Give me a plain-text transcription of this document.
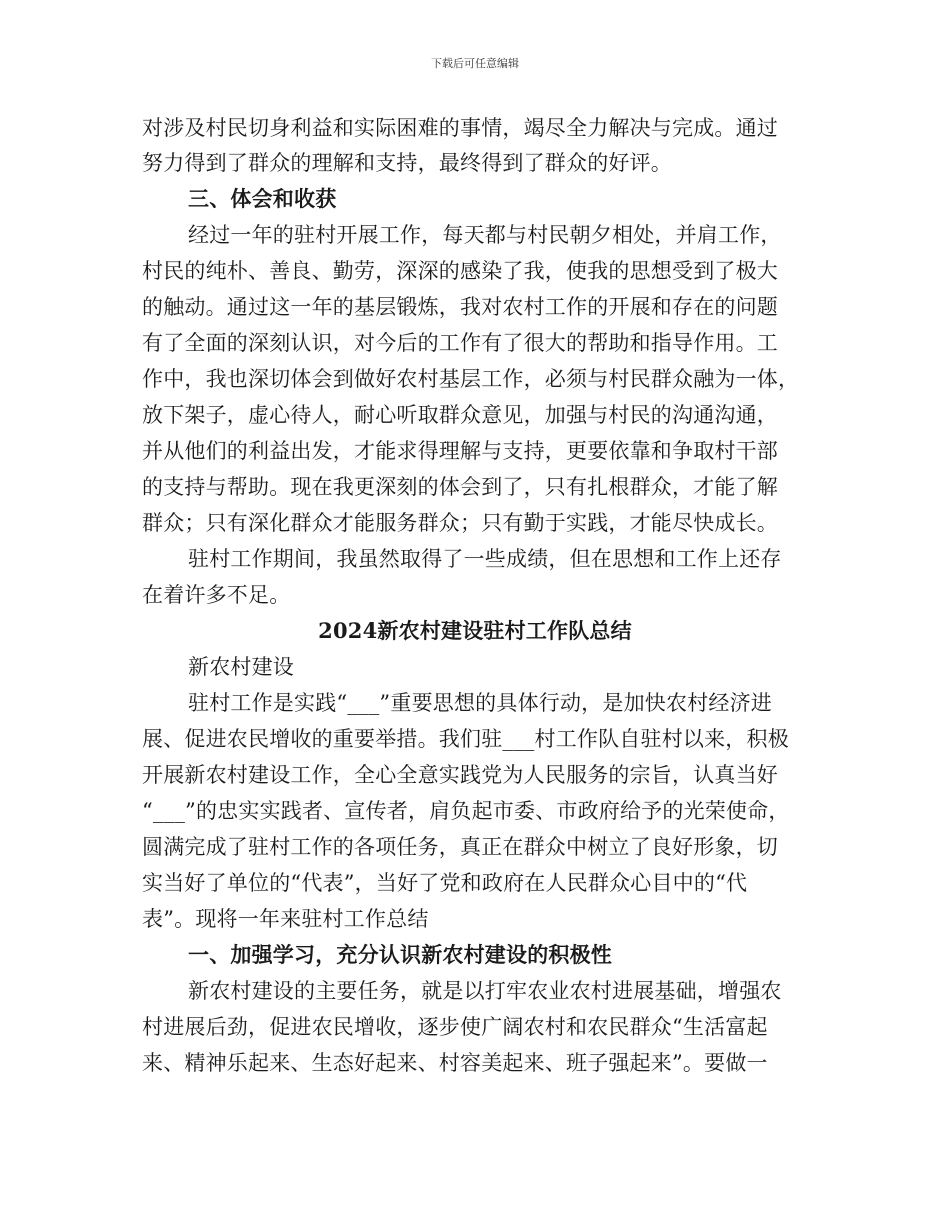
下载后可任意编辑
对涉及村民切身利益和实际困难的事情，竭尽全力解决与完成。通过
努力得到了群众的理解和支持，最终得到了群众的好评。
三、体会和收获
经过一年的驻村开展工作，每天都与村民朝夕相处，并肩工作，
村民的纯朴、善良、勤劳，深深的感染了我，使我的思想受到了极大
的触动。通过这一年的基层锻炼，我对农村工作的开展和存在的问题
有了全面的深刻认识，对今后的工作有了很大的帮助和指导作用。工
作中，我也深切体会到做好农村基层工作，必须与村民群众融为一体，
放下架子，虚心待人，耐心听取群众意见，加强与村民的沟通沟通，
并从他们的利益出发，才能求得理解与支持，更要依靠和争取村干部
的支持与帮助。现在我更深刻的体会到了，只有扎根群众，才能了解
群众；只有深化群众才能服务群众；只有勤于实践，才能尽快成长。
驻村工作期间，我虽然取得了一些成绩，但在思想和工作上还存
在着许多不足。
2024新农村建设驻村工作队总结
新农村建设
驻村工作是实践“___”重要思想的具体行动，是加快农村经济进
展、促进农民增收的重要举措。我们驻___村工作队自驻村以来，积极
开展新农村建设工作，全心全意实践党为人民服务的宗旨，认真当好
“___”的忠实实践者、宣传者，肩负起市委、市政府给予的光荣使命，
圆满完成了驻村工作的各项任务，真正在群众中树立了良好形象，切
实当好了单位的“代表”，当好了党和政府在人民群众心目中的“代
表”。现将一年来驻村工作总结
一、加强学习，充分认识新农村建设的积极性
新农村建设的主要任务，就是以打牢农业农村进展基础，增强农
村进展后劲，促进农民增收，逐步使广阔农村和农民群众“生活富起
来、精神乐起来、生态好起来、村容美起来、班子强起来”。要做一
